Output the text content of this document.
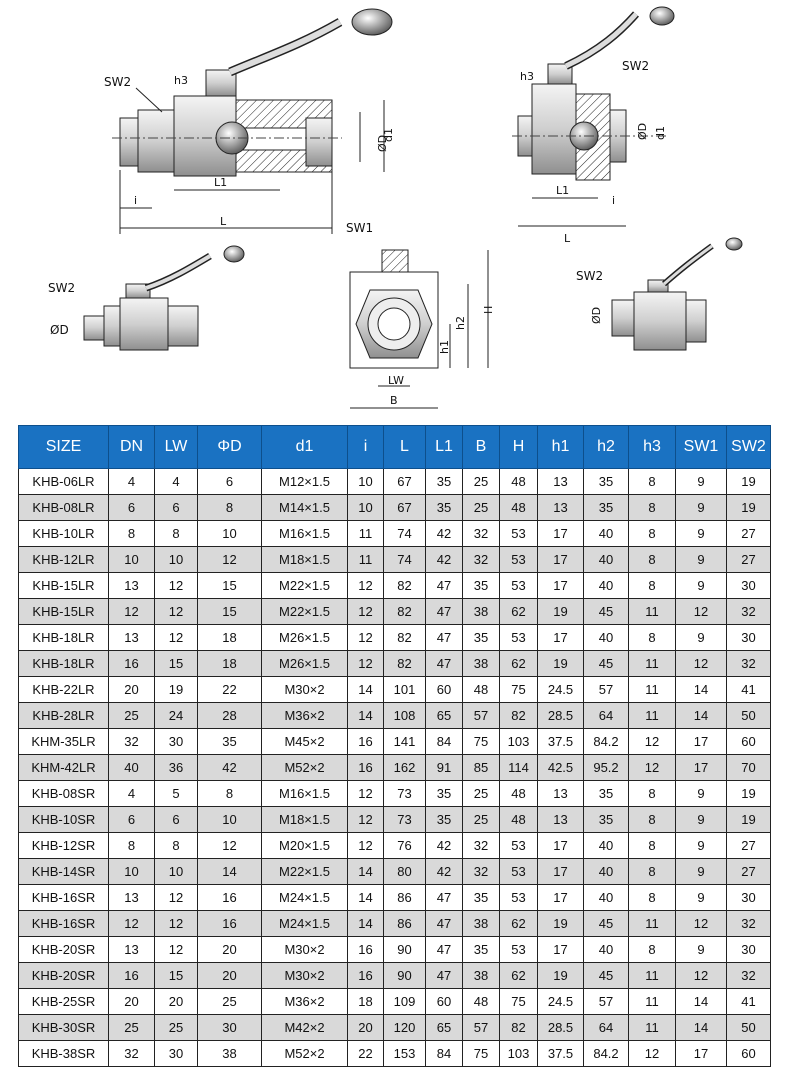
L
L1
i
ØD
d1
SW2	h3
L
L1
i
ØD d1
SW2
h3
SW2
ØD
SW1
B
LW
H
h2
h1
SW2
ØD
SIZE	DN	LW	ΦD	d1	i	L	L1	B	H	h1	h2	h3	SW1	SW2
KHB-06LR	4	4	6	M12×1.5	10	67	35	25	48	13	35	8	9	19
KHB-08LR	6	6	8	M14×1.5	10	67	35	25	48	13	35	8	9	19
KHB-10LR	8	8	10	M16×1.5	11	74	42	32	53	17	40	8	9	27
KHB-12LR	10	10	12	M18×1.5	11	74	42	32	53	17	40	8	9	27
KHB-15LR	13	12	15	M22×1.5	12	82	47	35	53	17	40	8	9	30
KHB-15LR	12	12	15	M22×1.5	12	82	47	38	62	19	45	11	12	32
KHB-18LR	13	12	18	M26×1.5	12	82	47	35	53	17	40	8	9	30
KHB-18LR	16	15	18	M26×1.5	12	82	47	38	62	19	45	11	12	32
KHB-22LR	20	19	22	M30×2	14	101	60	48	75	24.5	57	11	14	41
KHB-28LR	25	24	28	M36×2	14	108	65	57	82	28.5	64	11	14	50
KHM-35LR	32	30	35	M45×2	16	141	84	75	103	37.5	84.2	12	17	60
KHM-42LR	40	36	42	M52×2	16	162	91	85	114	42.5	95.2	12	17	70
KHB-08SR	4	5	8	M16×1.5	12	73	35	25	48	13	35	8	9	19
KHB-10SR	6	6	10	M18×1.5	12	73	35	25	48	13	35	8	9	19
KHB-12SR	8	8	12	M20×1.5	12	76	42	32	53	17	40	8	9	27
KHB-14SR	10	10	14	M22×1.5	14	80	42	32	53	17	40	8	9	27
KHB-16SR	13	12	16	M24×1.5	14	86	47	35	53	17	40	8	9	30
KHB-16SR	12	12	16	M24×1.5	14	86	47	38	62	19	45	11	12	32
KHB-20SR	13	12	20	M30×2	16	90	47	35	53	17	40	8	9	30
KHB-20SR	16	15	20	M30×2	16	90	47	38	62	19	45	11	12	32
KHB-25SR	20	20	25	M36×2	18	109	60	48	75	24.5	57	11	14	41
KHB-30SR	25	25	30	M42×2	20	120	65	57	82	28.5	64	11	14	50
KHB-38SR	32	30	38	M52×2	22	153	84	75	103	37.5	84.2	12	17	60
